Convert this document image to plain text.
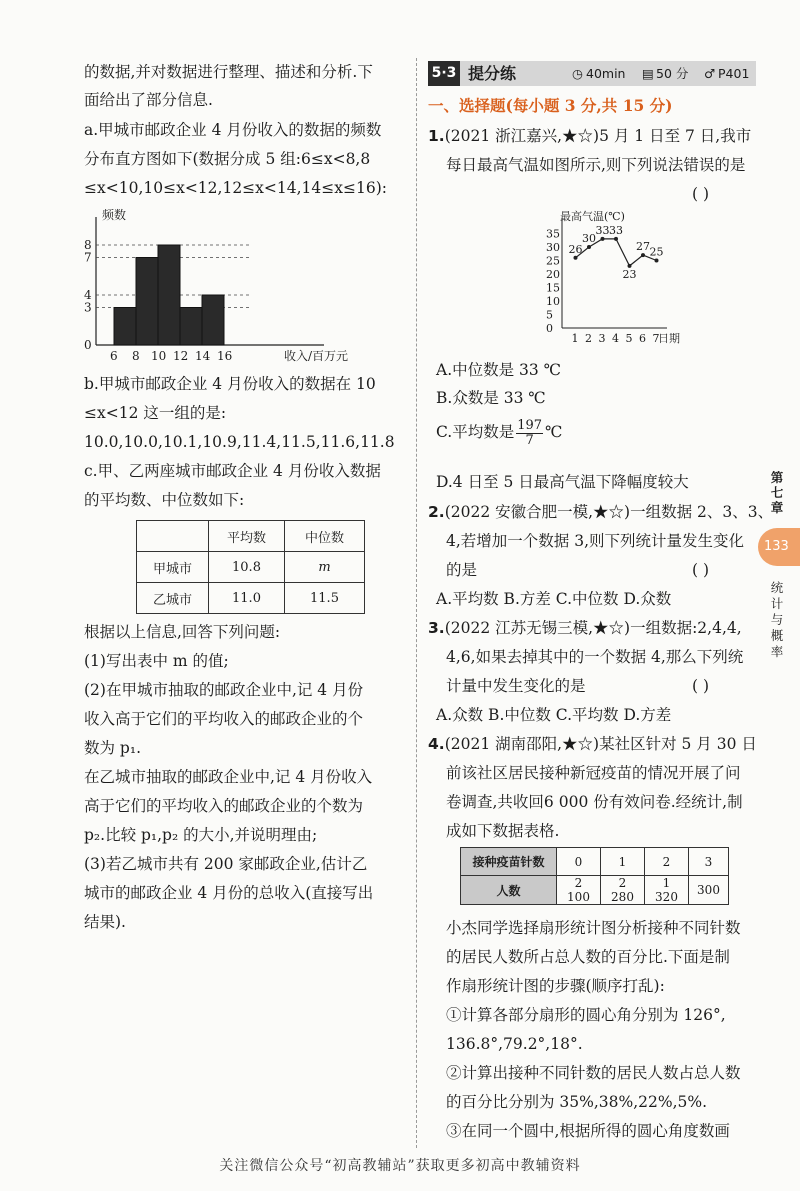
的数据,并对数据进行整理、描述和分析.下
面给出了部分信息.
a.甲城市邮政企业 4 月份收入的数据的频数
分布直方图如下(数据分成 5 组:6≤x<8,8
≤x<10,10≤x<12,12≤x<14,14≤x≤16):
频数
收入/百万元
0
3
4
7
8
6 8 10 12 14 16
b.甲城市邮政企业 4 月份收入的数据在 10
≤x<12 这一组的是:
10.0,10.0,10.1,10.9,11.4,11.5,11.6,11.8
c.甲、乙两座城市邮政企业 4 月份收入数据
的平均数、中位数如下:
	平均数	中位数
甲城市	10.8	m
乙城市	11.0	11.5
根据以上信息,回答下列问题:
(1)写出表中 m 的值;
(2)在甲城市抽取的邮政企业中,记 4 月份
收入高于它们的平均收入的邮政企业的个
数为 p₁.
在乙城市抽取的邮政企业中,记 4 月份收入
高于它们的平均收入的邮政企业的个数为
p₂.比较 p₁,p₂ 的大小,并说明理由;
(3)若乙城市共有 200 家邮政企业,估计乙
城市的邮政企业 4 月份的总收入(直接写出
结果).
5·3 提分练	◷ 40min ▤ 50 分 ♂ P401
一、选择题(每小题 3 分,共 15 分)
1.(2021 浙江嘉兴,★☆)5 月 1 日至 7 日,我市
每日最高气温如图所示,则下列说法错误的是
( )
A.中位数是 33 ℃
B.众数是 33 ℃
C.平均数是 $\frac{197}{7}$ ℃
D.4 日至 5 日最高气温下降幅度较大
2.(2022 安徽合肥一模,★☆)一组数据 2、3、3、
4,若增加一个数据 3,则下列统计量发生变化
的是	( )
A.平均数 B.方差 C.中位数 D.众数
3.(2022 江苏无锡三模,★☆)一组数据:2,4,4,
4,6,如果去掉其中的一个数据 4,那么下列统
计量中发生变化的是	( )
A.众数 B.中位数 C.平均数 D.方差
4.(2021 湖南邵阳,★☆)某社区针对 5 月 30 日
前该社区居民接种新冠疫苗的情况开展了问
卷调查,共收回6 000 份有效问卷.经统计,制
成如下数据表格.
接种疫苗针数	0	1	2	3
人数	2 100	2 280	1 320	300
小杰同学选择扇形统计图分析接种不同针数
的居民人数所占总人数的百分比.下面是制
作扇形统计图的步骤(顺序打乱):
①计算各部分扇形的圆心角分别为 126°,
136.8°,79.2°,18°.
②计算出接种不同针数的居民人数占总人数
的百分比分别为 35%,38%,22%,5%.
③在同一个圆中,根据所得的圆心角度数画
最高气温(℃)
日期
0
5
10
15
20
25
30
35
1 2 3 4 5 6 7
26
30
33 33
23
27 25
第七章
133
统计与概率
关注微信公众号“初高教辅站”获取更多初高中教辅资料
